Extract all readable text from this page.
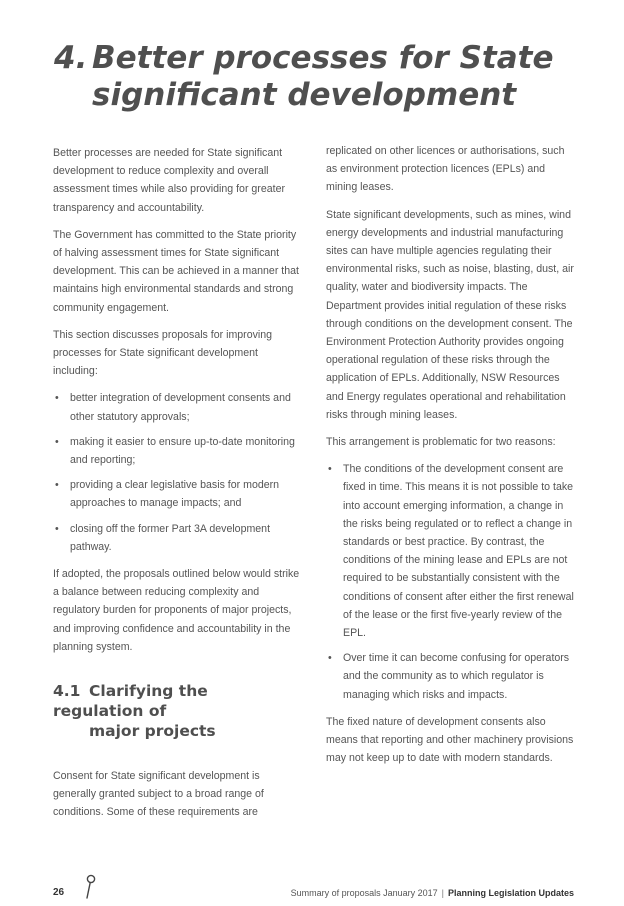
4. Better processes for State
significant development

Better processes are needed for State significant development to reduce complexity and overall assessment times while also providing for greater transparency and accountability.

The Government has committed to the State priority of halving assessment times for State significant development. This can be achieved in a manner that maintains high environmental standards and strong community engagement.

This section discusses proposals for improving processes for State significant development including:

• better integration of development consents and other statutory approvals;
• making it easier to ensure up-to-date monitoring and reporting;
• providing a clear legislative basis for modern approaches to manage impacts; and
• closing off the former Part 3A development pathway.

If adopted, the proposals outlined below would strike a balance between reducing complexity and regulatory burden for proponents of major projects, and improving confidence and accountability in the planning system.

4.1 Clarifying the regulation of
major projects

Consent for State significant development is generally granted subject to a broad range of conditions. Some of these requirements are

replicated on other licences or authorisations, such as environment protection licences (EPLs) and mining leases.

State significant developments, such as mines, wind energy developments and industrial manufacturing sites can have multiple agencies regulating their environmental risks, such as noise, blasting, dust, air quality, water and biodiversity impacts. The Department provides initial regulation of these risks through conditions on the development consent. The Environment Protection Authority provides ongoing operational regulation of these risks through the application of EPLs. Additionally, NSW Resources and Energy regulates operational and rehabilitation risks through mining leases.

This arrangement is problematic for two reasons:

• The conditions of the development consent are fixed in time. This means it is not possible to take into account emerging information, a change in the risks being regulated or to reflect a change in standards or best practice. By contrast, the conditions of the mining lease and EPLs are not required to be substantially consistent with the conditions of consent after either the first renewal of the lease or the first five-yearly review of the EPL.
• Over time it can become confusing for operators and the community as to which regulator is managing which risks and impacts.

The fixed nature of development consents also means that reporting and other machinery provisions may not keep up to date with modern standards.

26	Summary of proposals January 2017 | Planning Legislation Updates
